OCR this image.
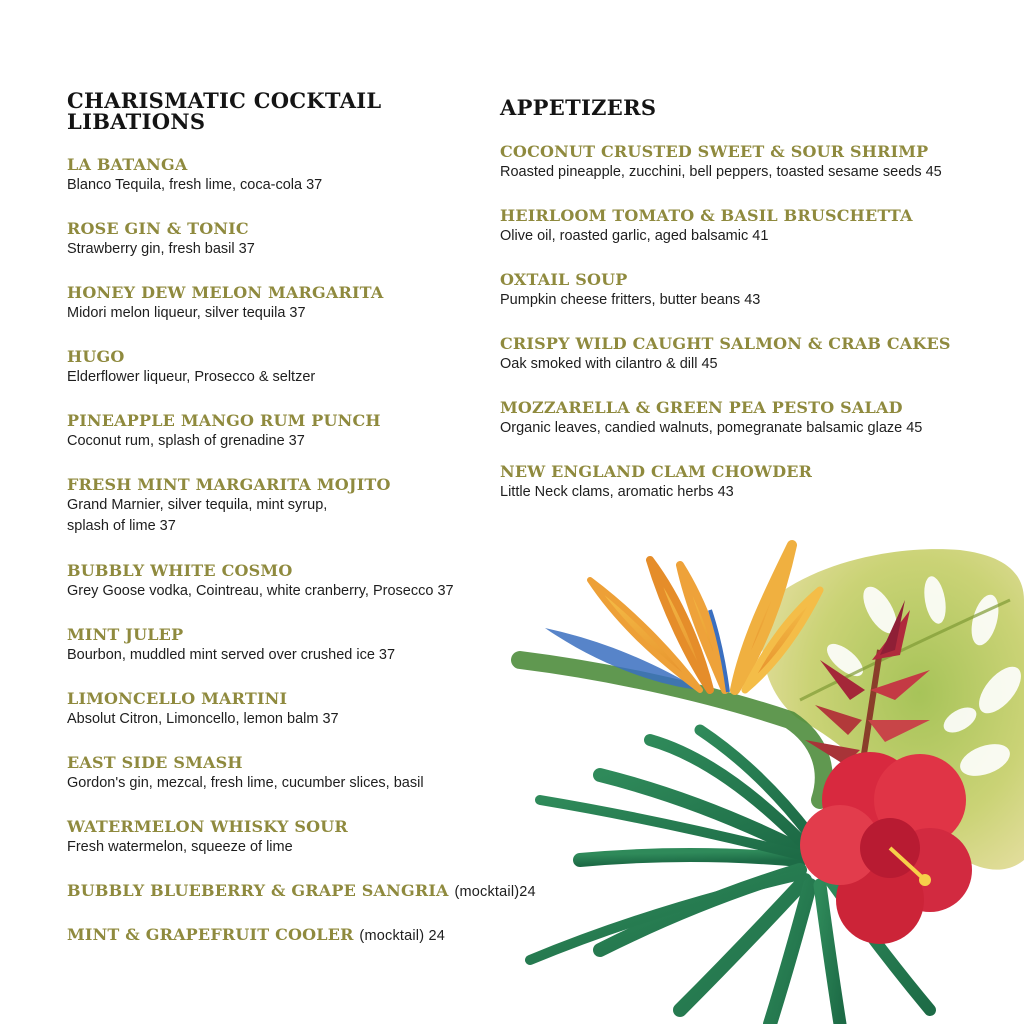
CHARISMATIC COCKTAIL
LIBATIONS
LA BATANGA
Blanco Tequila, fresh lime, coca-cola 37
ROSE GIN & TONIC
Strawberry gin, fresh basil 37
HONEY DEW MELON MARGARITA
Midori melon liqueur, silver tequila 37
HUGO
Elderflower liqueur, Prosecco & seltzer
PINEAPPLE MANGO RUM PUNCH
Coconut rum, splash of grenadine 37
FRESH MINT MARGARITA MOJITO
Grand Marnier, silver tequila, mint syrup,
splash of lime 37
BUBBLY WHITE COSMO
Grey Goose vodka, Cointreau, white cranberry, Prosecco 37
MINT JULEP
Bourbon, muddled mint served over crushed ice 37
LIMONCELLO MARTINI
Absolut Citron, Limoncello, lemon balm 37
EAST SIDE SMASH
Gordon's gin, mezcal, fresh lime, cucumber slices, basil
WATERMELON WHISKY SOUR
Fresh watermelon, squeeze of lime
BUBBLY BLUEBERRY & GRAPE SANGRIA (mocktail)24
MINT & GRAPEFRUIT COOLER (mocktail) 24
APPETIZERS
COCONUT CRUSTED SWEET & SOUR SHRIMP
Roasted pineapple, zucchini, bell peppers, toasted sesame seeds 45
HEIRLOOM TOMATO & BASIL BRUSCHETTA
Olive oil, roasted garlic, aged balsamic 41
OXTAIL SOUP
Pumpkin cheese fritters, butter beans 43
CRISPY WILD CAUGHT SALMON & CRAB CAKES
Oak smoked with cilantro & dill 45
MOZZARELLA & GREEN PEA PESTO SALAD
Organic leaves, candied walnuts, pomegranate balsamic glaze 45
NEW ENGLAND CLAM CHOWDER
Little Neck clams, aromatic herbs 43
